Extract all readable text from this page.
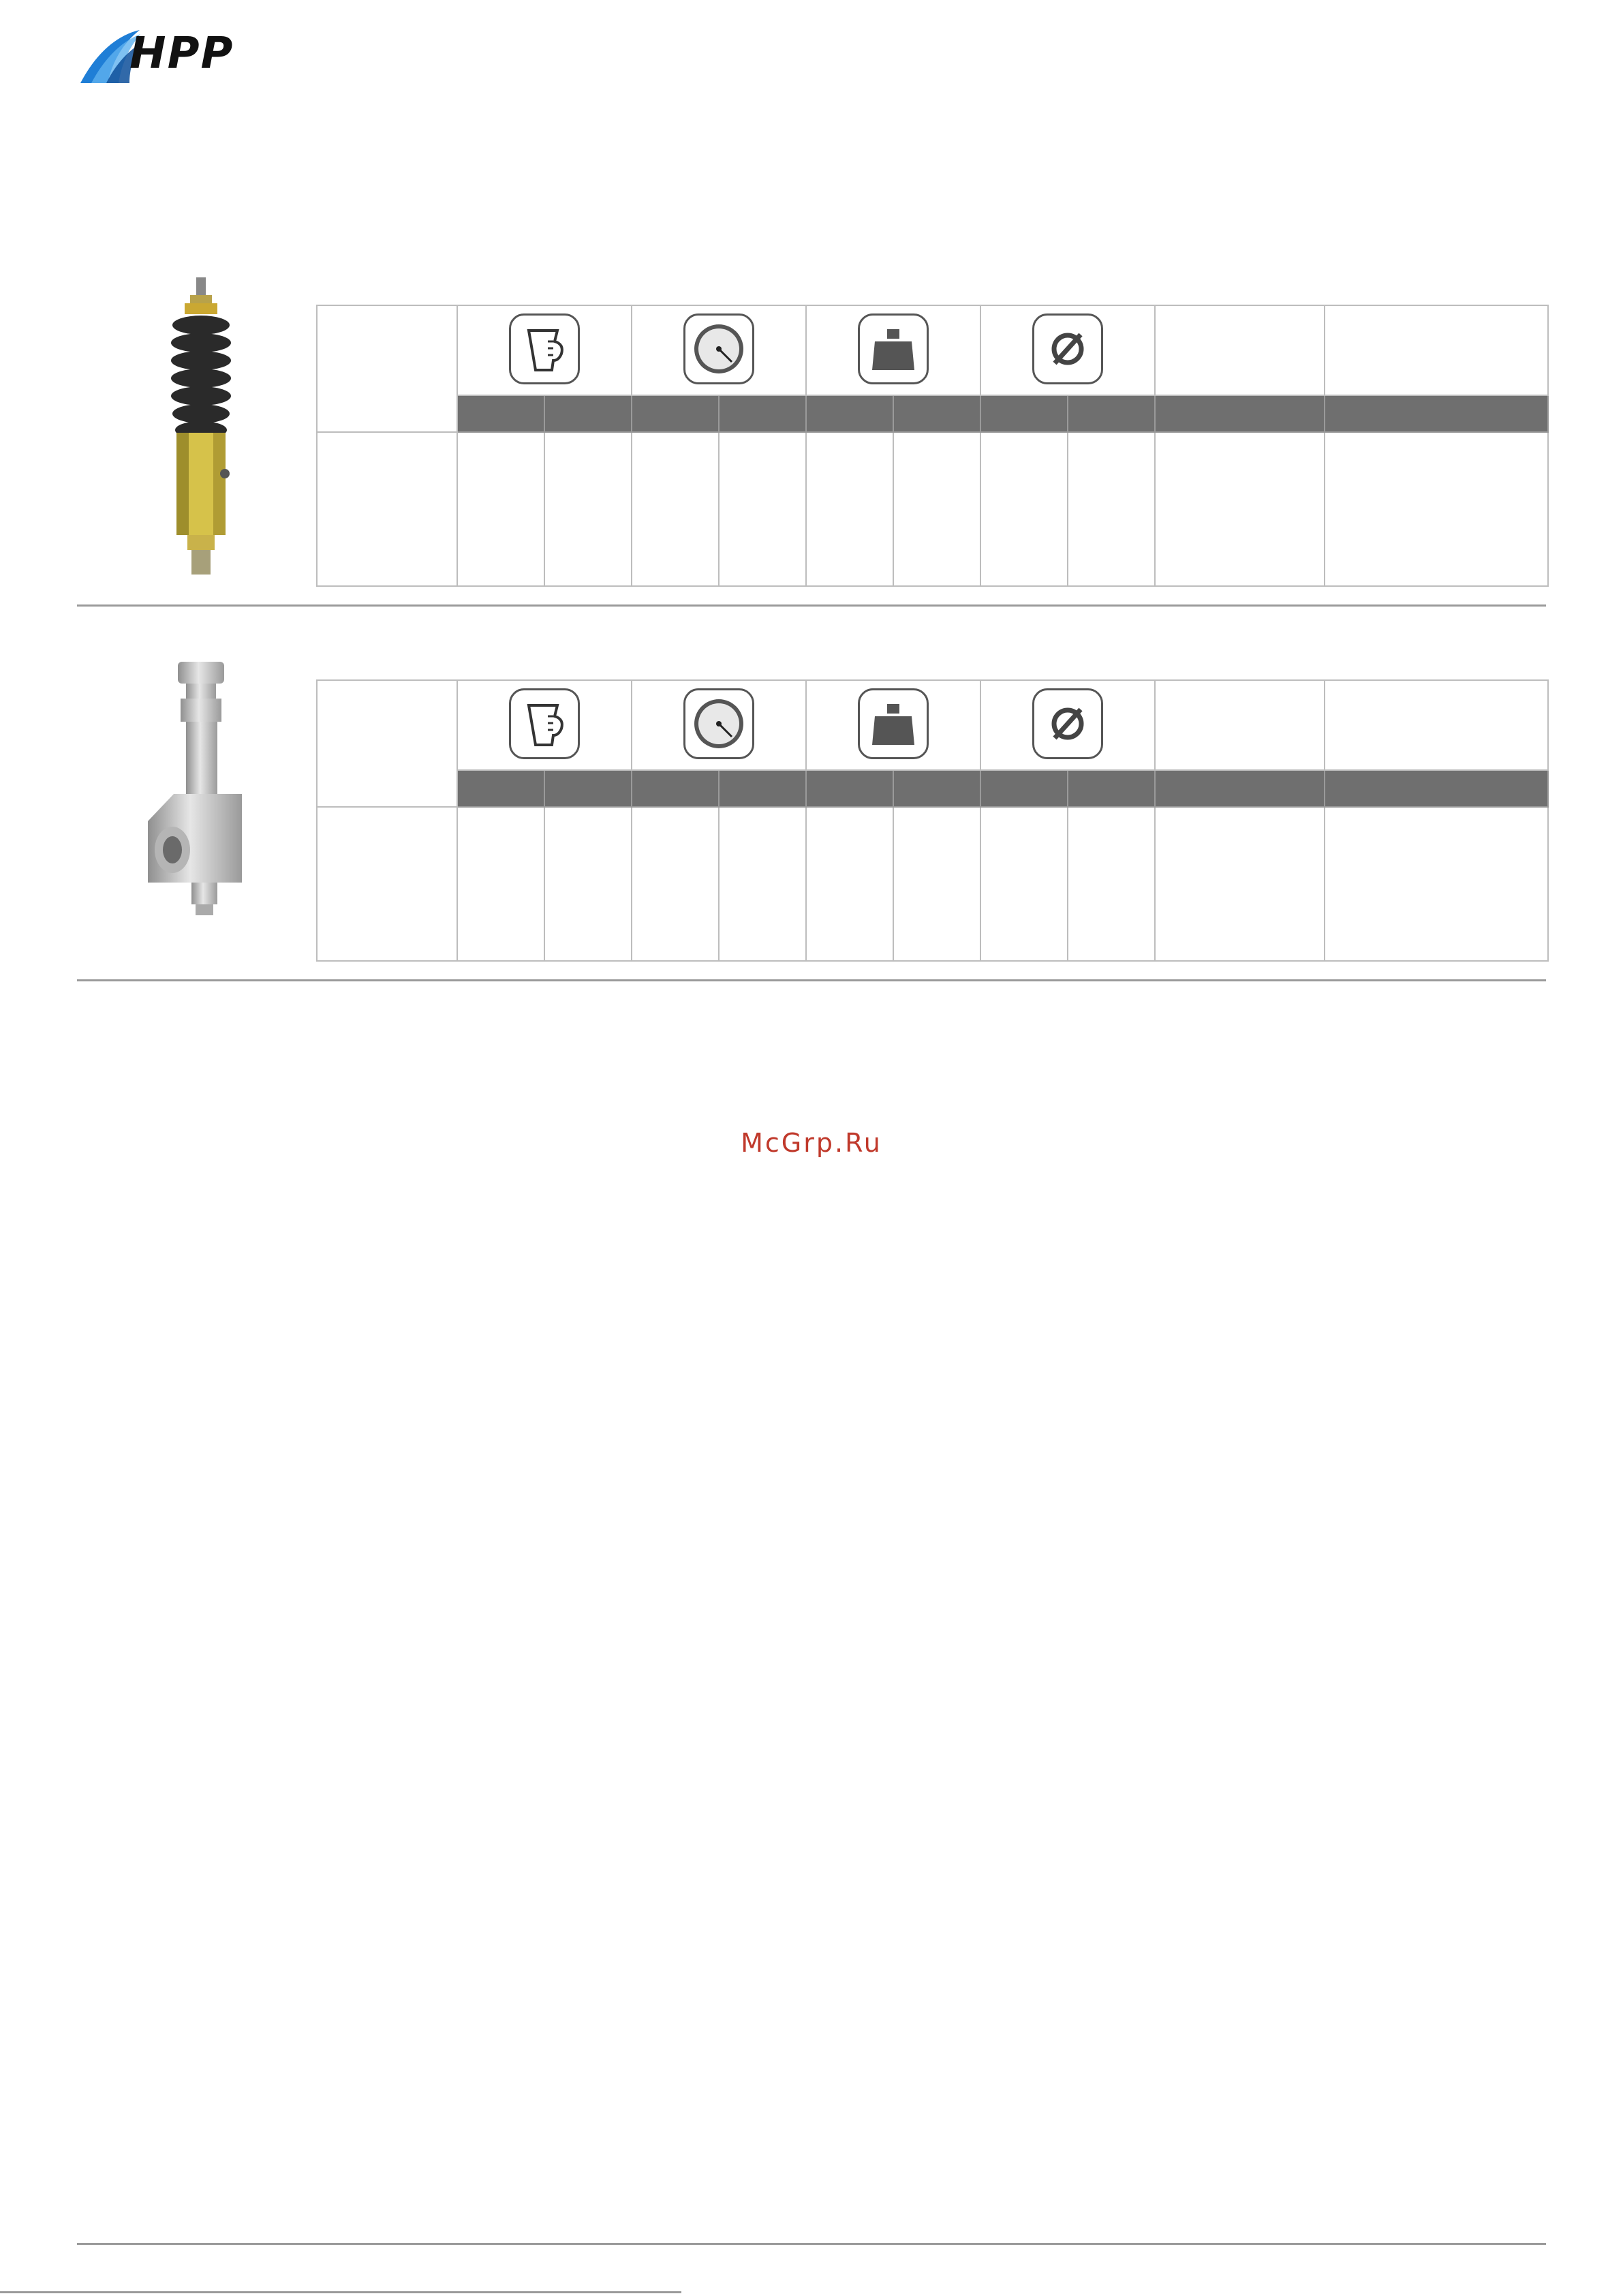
HPP

McGrp.Ru
